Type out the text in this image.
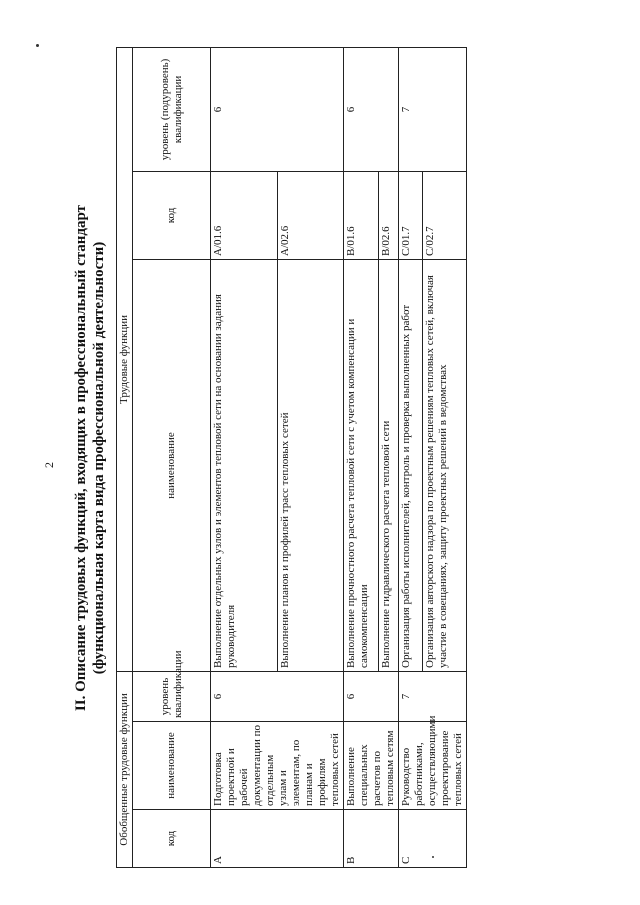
2 II. Описание трудовых функций, входящих в профессиональный стандарт (функциональная карта вида профессиональной деятельности)
Обобщенные трудовые функции			Трудовые функции		
код	наименование	уровень квалификации	наименование	код	уровень (подуровень) квалификации
A	Подготовка проектной и рабочей документации по отдельным узлам и элементам, по планам и профилям тепловых сетей	6	Выполнение отдельных узлов и элементов тепловой сети на основании задания руководителя	A/01.6	6
			Выполнение планов и профилей трасс тепловых сетей	A/02.6	
B	Выполнение специальных расчетов по тепловым сетям	6	Выполнение прочностного расчета тепловой сети с учетом компенсации и самокомпенсации	B/01.6	6
			Выполнение гидравлического расчета тепловой сети	B/02.6	
C	Руководство работниками, осуществляющими проектирование тепловых сетей	7	Организация работы исполнителей, контроль и проверка выполненных работ	C/01.7	7
			Организация авторского надзора по проектным решениям тепловых сетей, включая участие в совещаниях, защиту проектных решений в ведомствах	C/02.7	
